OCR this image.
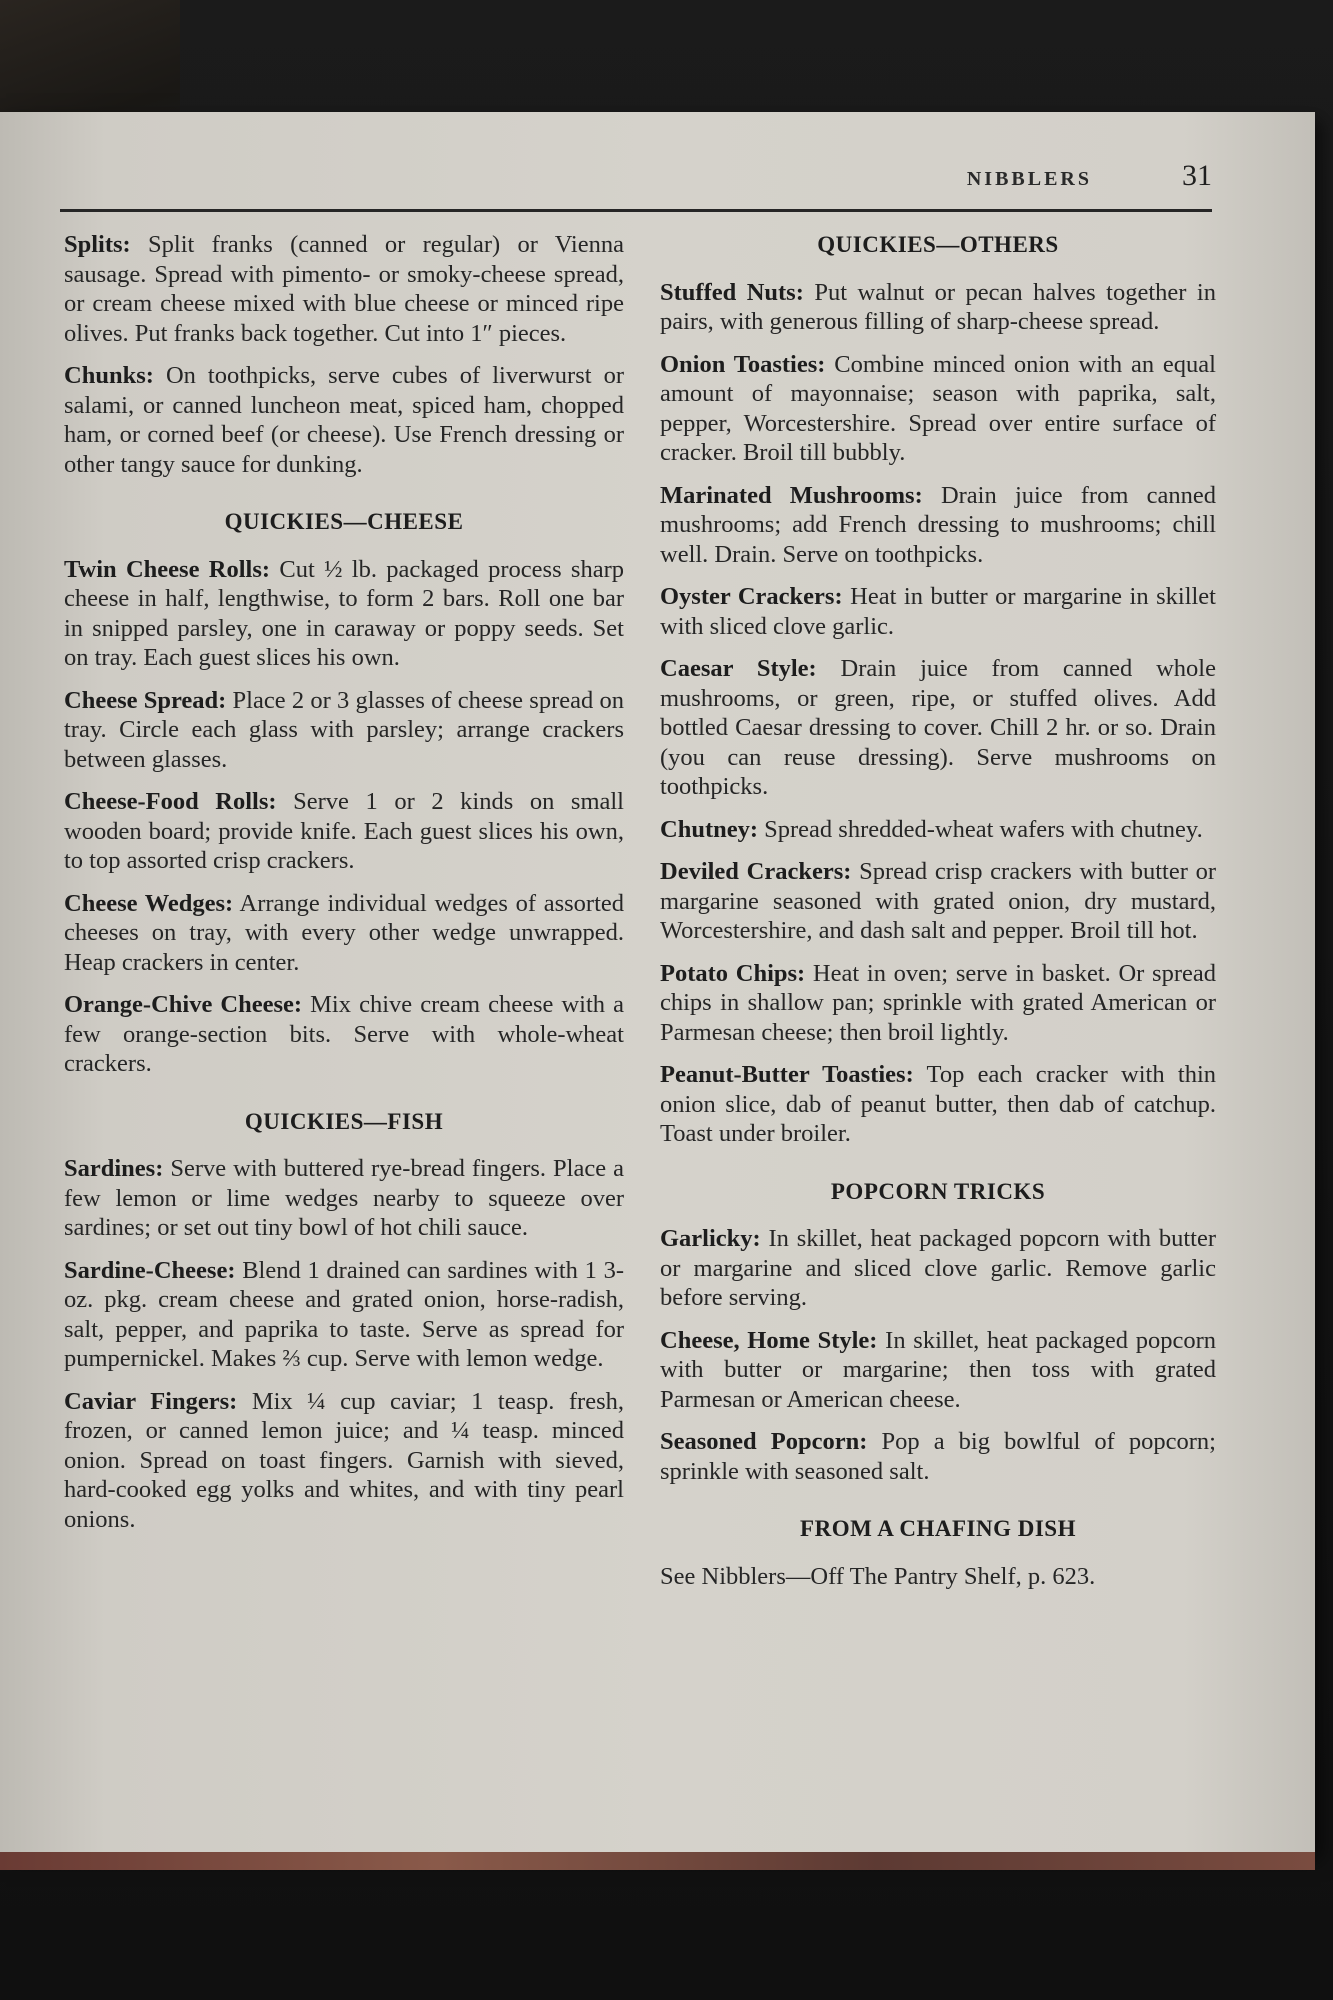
NIBBLERS	31

Splits: Split franks (canned or regular) or Vienna sausage. Spread with pimento- or smoky-cheese spread, or cream cheese mixed with blue cheese or minced ripe olives. Put franks back together. Cut into 1″ pieces.

Chunks: On toothpicks, serve cubes of liverwurst or salami, or canned luncheon meat, spiced ham, chopped ham, or corned beef (or cheese). Use French dressing or other tangy sauce for dunking.

QUICKIES—CHEESE

Twin Cheese Rolls: Cut ½ lb. packaged process sharp cheese in half, lengthwise, to form 2 bars. Roll one bar in snipped parsley, one in caraway or poppy seeds. Set on tray. Each guest slices his own.

Cheese Spread: Place 2 or 3 glasses of cheese spread on tray. Circle each glass with parsley; arrange crackers between glasses.

Cheese-Food Rolls: Serve 1 or 2 kinds on small wooden board; provide knife. Each guest slices his own, to top assorted crisp crackers.

Cheese Wedges: Arrange individual wedges of assorted cheeses on tray, with every other wedge unwrapped. Heap crackers in center.

Orange-Chive Cheese: Mix chive cream cheese with a few orange-section bits. Serve with whole-wheat crackers.

QUICKIES—FISH

Sardines: Serve with buttered rye-bread fingers. Place a few lemon or lime wedges nearby to squeeze over sardines; or set out tiny bowl of hot chili sauce.

Sardine-Cheese: Blend 1 drained can sardines with 1 3-oz. pkg. cream cheese and grated onion, horse-radish, salt, pepper, and paprika to taste. Serve as spread for pumpernickel. Makes ⅔ cup. Serve with lemon wedge.

Caviar Fingers: Mix ¼ cup caviar; 1 teasp. fresh, frozen, or canned lemon juice; and ¼ teasp. minced onion. Spread on toast fingers. Garnish with sieved, hard-cooked egg yolks and whites, and with tiny pearl onions.

QUICKIES—OTHERS

Stuffed Nuts: Put walnut or pecan halves together in pairs, with generous filling of sharp-cheese spread.

Onion Toasties: Combine minced onion with an equal amount of mayonnaise; season with paprika, salt, pepper, Worcestershire. Spread over entire surface of cracker. Broil till bubbly.

Marinated Mushrooms: Drain juice from canned mushrooms; add French dressing to mushrooms; chill well. Drain. Serve on toothpicks.

Oyster Crackers: Heat in butter or margarine in skillet with sliced clove garlic.

Caesar Style: Drain juice from canned whole mushrooms, or green, ripe, or stuffed olives. Add bottled Caesar dressing to cover. Chill 2 hr. or so. Drain (you can reuse dressing). Serve mushrooms on toothpicks.

Chutney: Spread shredded-wheat wafers with chutney.

Deviled Crackers: Spread crisp crackers with butter or margarine seasoned with grated onion, dry mustard, Worcestershire, and dash salt and pepper. Broil till hot.

Potato Chips: Heat in oven; serve in basket. Or spread chips in shallow pan; sprinkle with grated American or Parmesan cheese; then broil lightly.

Peanut-Butter Toasties: Top each cracker with thin onion slice, dab of peanut butter, then dab of catchup. Toast under broiler.

POPCORN TRICKS

Garlicky: In skillet, heat packaged popcorn with butter or margarine and sliced clove garlic. Remove garlic before serving.

Cheese, Home Style: In skillet, heat packaged popcorn with butter or margarine; then toss with grated Parmesan or American cheese.

Seasoned Popcorn: Pop a big bowlful of popcorn; sprinkle with seasoned salt.

FROM A CHAFING DISH
See Nibblers—Off The Pantry Shelf, p. 623.
